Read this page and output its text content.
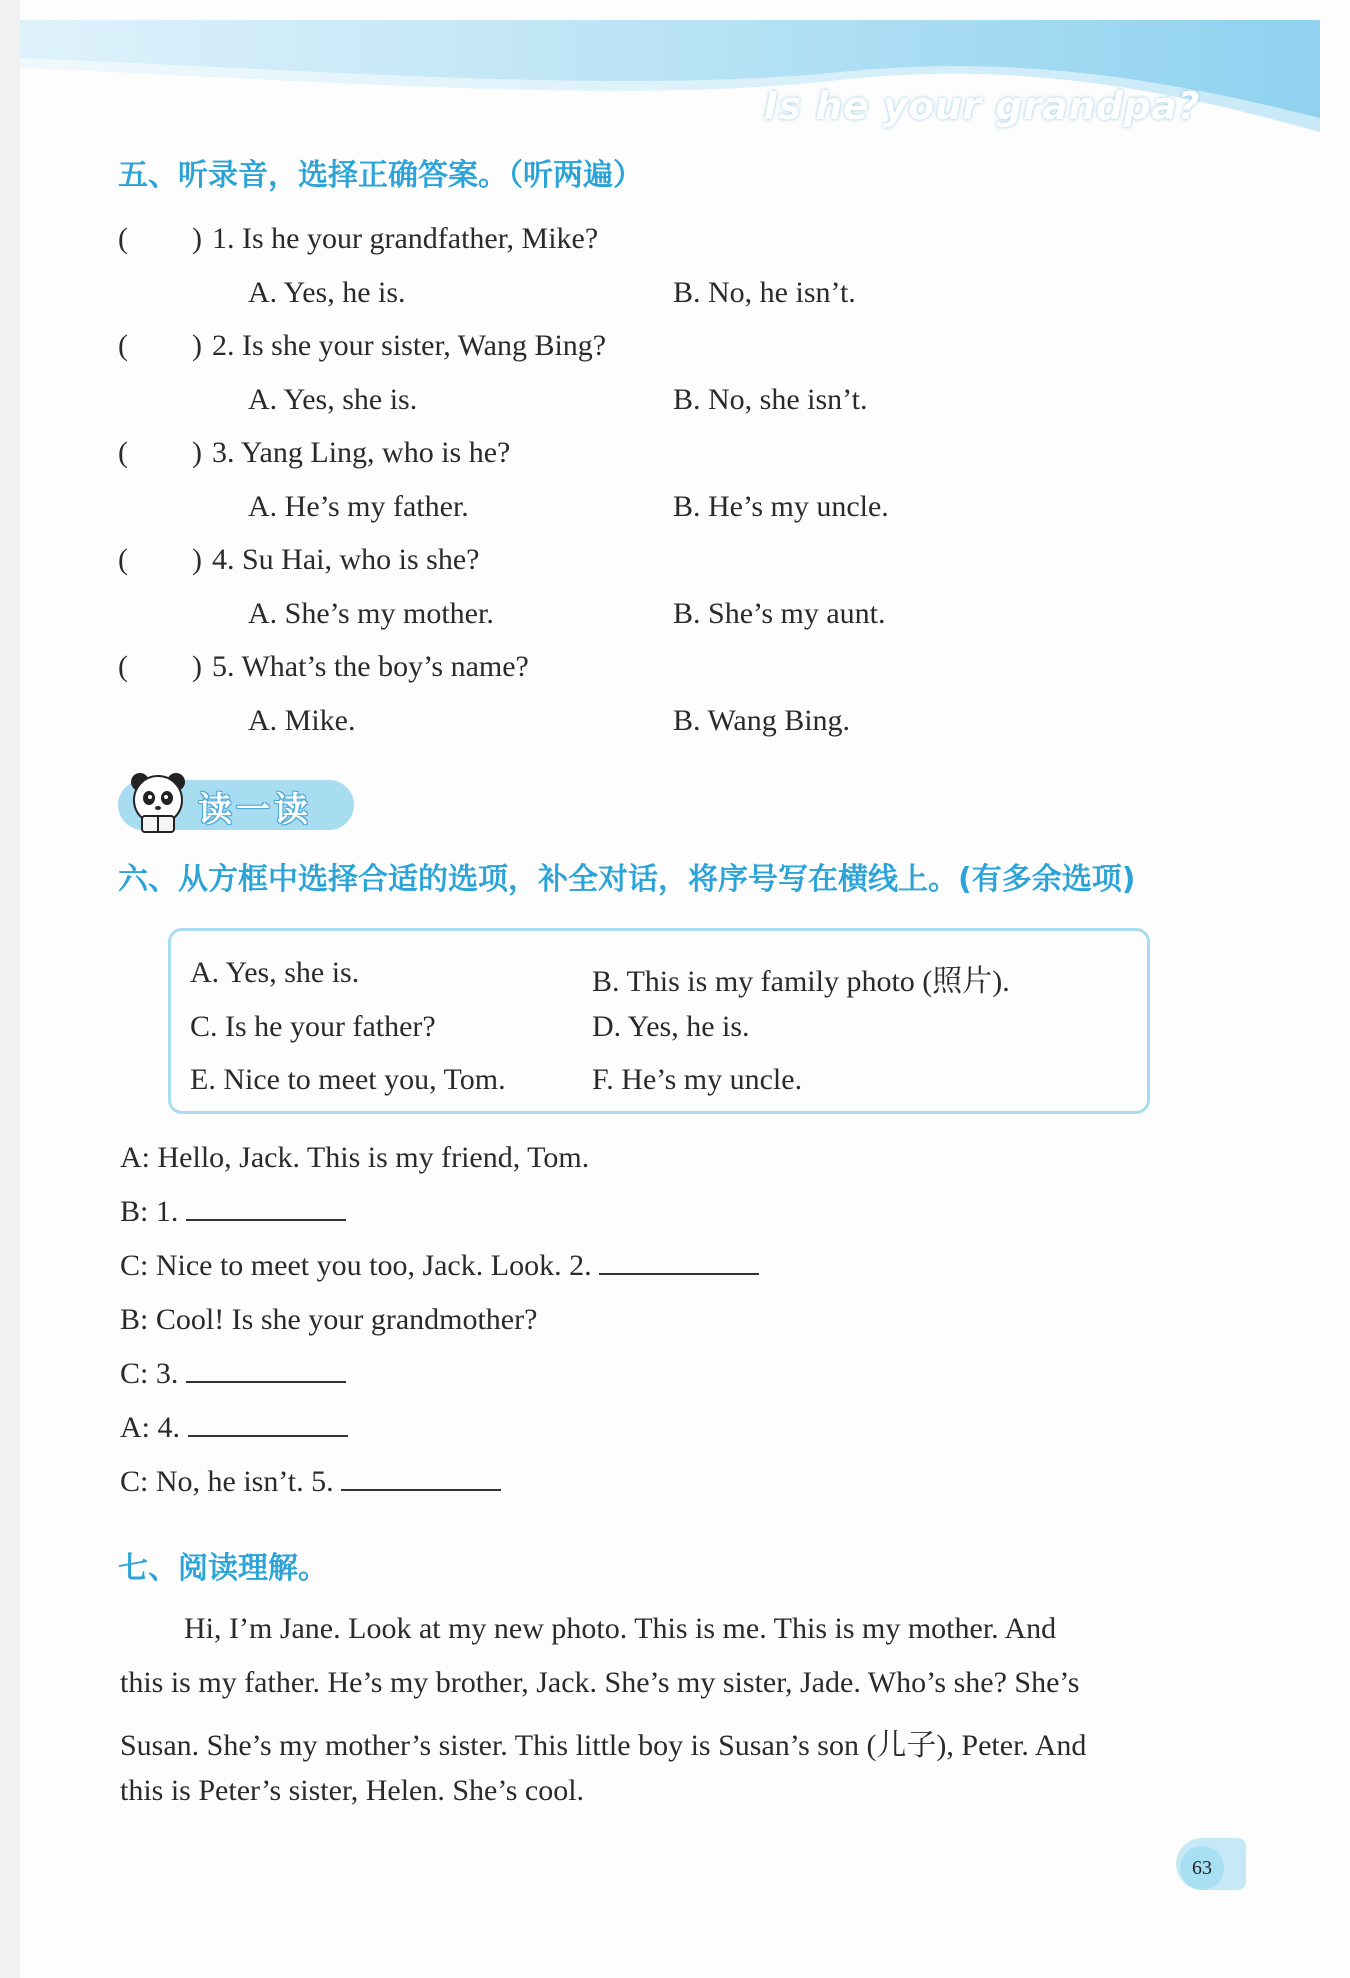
Is he your grandpa?
五、听录音，选择正确答案。（听两遍）
( ) 1. Is he your grandfather, Mike?
A. Yes, he is.	B. No, he isn’t.
( ) 2. Is she your sister, Wang Bing?
A. Yes, she is.	B. No, she isn’t.
( ) 3. Yang Ling, who is he?
A. He’s my father.	B. He’s my uncle.
( ) 4. Su Hai, who is she?
A. She’s my mother.	B. She’s my aunt.
( ) 5. What’s the boy’s name?
A. Mike.	B. Wang Bing.
读一读
六、从方框中选择合适的选项，补全对话，将序号写在横线上。(有多余选项)
A. Yes, she is.	B. This is my family photo (照片).
C. Is he your father?	D. Yes, he is.
E. Nice to meet you, Tom.	F. He’s my uncle.
A: Hello, Jack. This is my friend, Tom.
B: 1.
C: Nice to meet you too, Jack. Look. 2.
B: Cool! Is she your grandmother?
C: 3.
A: 4.
C: No, he isn’t. 5.
七、阅读理解。
Hi, I’m Jane. Look at my new photo. This is me. This is my mother. And
this is my father. He’s my brother, Jack. She’s my sister, Jade. Who’s she? She’s
Susan. She’s my mother’s sister. This little boy is Susan’s son (儿子), Peter. And
this is Peter’s sister, Helen. She’s cool.
63
